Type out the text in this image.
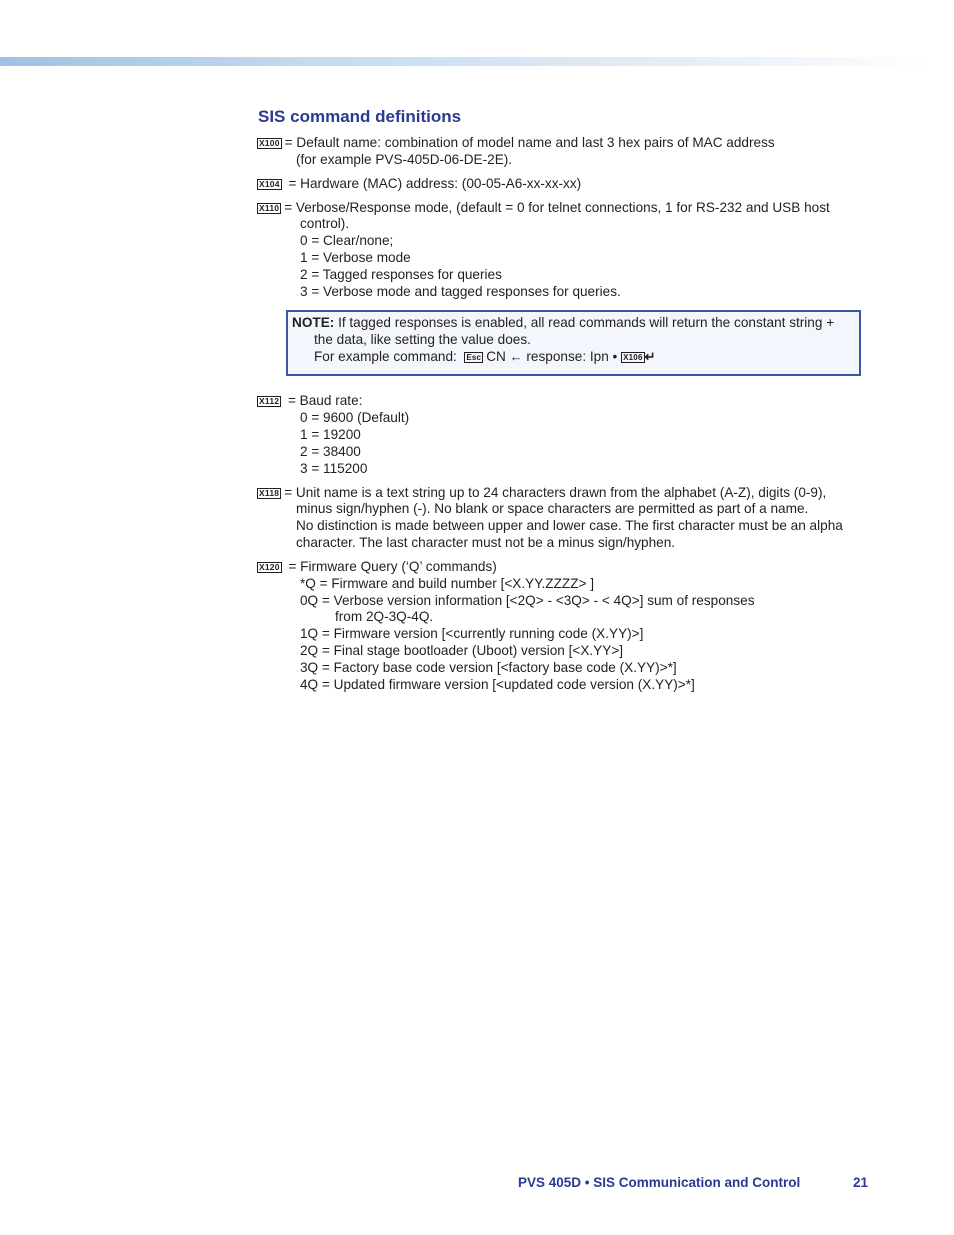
SIS command definitions
X100 = Default name: combination of model name and last 3 hex pairs of MAC address
(for example PVS-405D-06-DE-2E).
X104 = Hardware (MAC) address: (00-05-A6-xx-xx-xx)
X110 = Verbose/Response mode, (default = 0 for telnet connections, 1 for RS-232 and USB host
control).
0 = Clear/none;
1 = Verbose mode
2 = Tagged responses for queries
3 = Verbose mode and tagged responses for queries.
NOTE: If tagged responses is enabled, all read commands will return the constant string +
the data, like setting the value does.
For example command: Esc CN ← response: Ipn • X106 ↵
X112 = Baud rate:
0 = 9600 (Default)
1 = 19200
2 = 38400
3 = 115200
X118 = Unit name is a text string up to 24 characters drawn from the alphabet (A-Z), digits (0-9),
minus sign/hyphen (-). No blank or space characters are permitted as part of a name.
No distinction is made between upper and lower case. The first character must be an alpha
character. The last character must not be a minus sign/hyphen.
X120 = Firmware Query (‘Q’ commands)
*Q = Firmware and build number [<X.YY.ZZZZ> ]
0Q = Verbose version information [<2Q> - <3Q> - < 4Q>] sum of responses
from 2Q-3Q-4Q.
1Q = Firmware version [<currently running code (X.YY)>]
2Q = Final stage bootloader (Uboot) version [<X.YY>]
3Q = Factory base code version [<factory base code (X.YY)>*]
4Q = Updated firmware version [<updated code version (X.YY)>*]
PVS 405D • SIS Communication and Control	21
